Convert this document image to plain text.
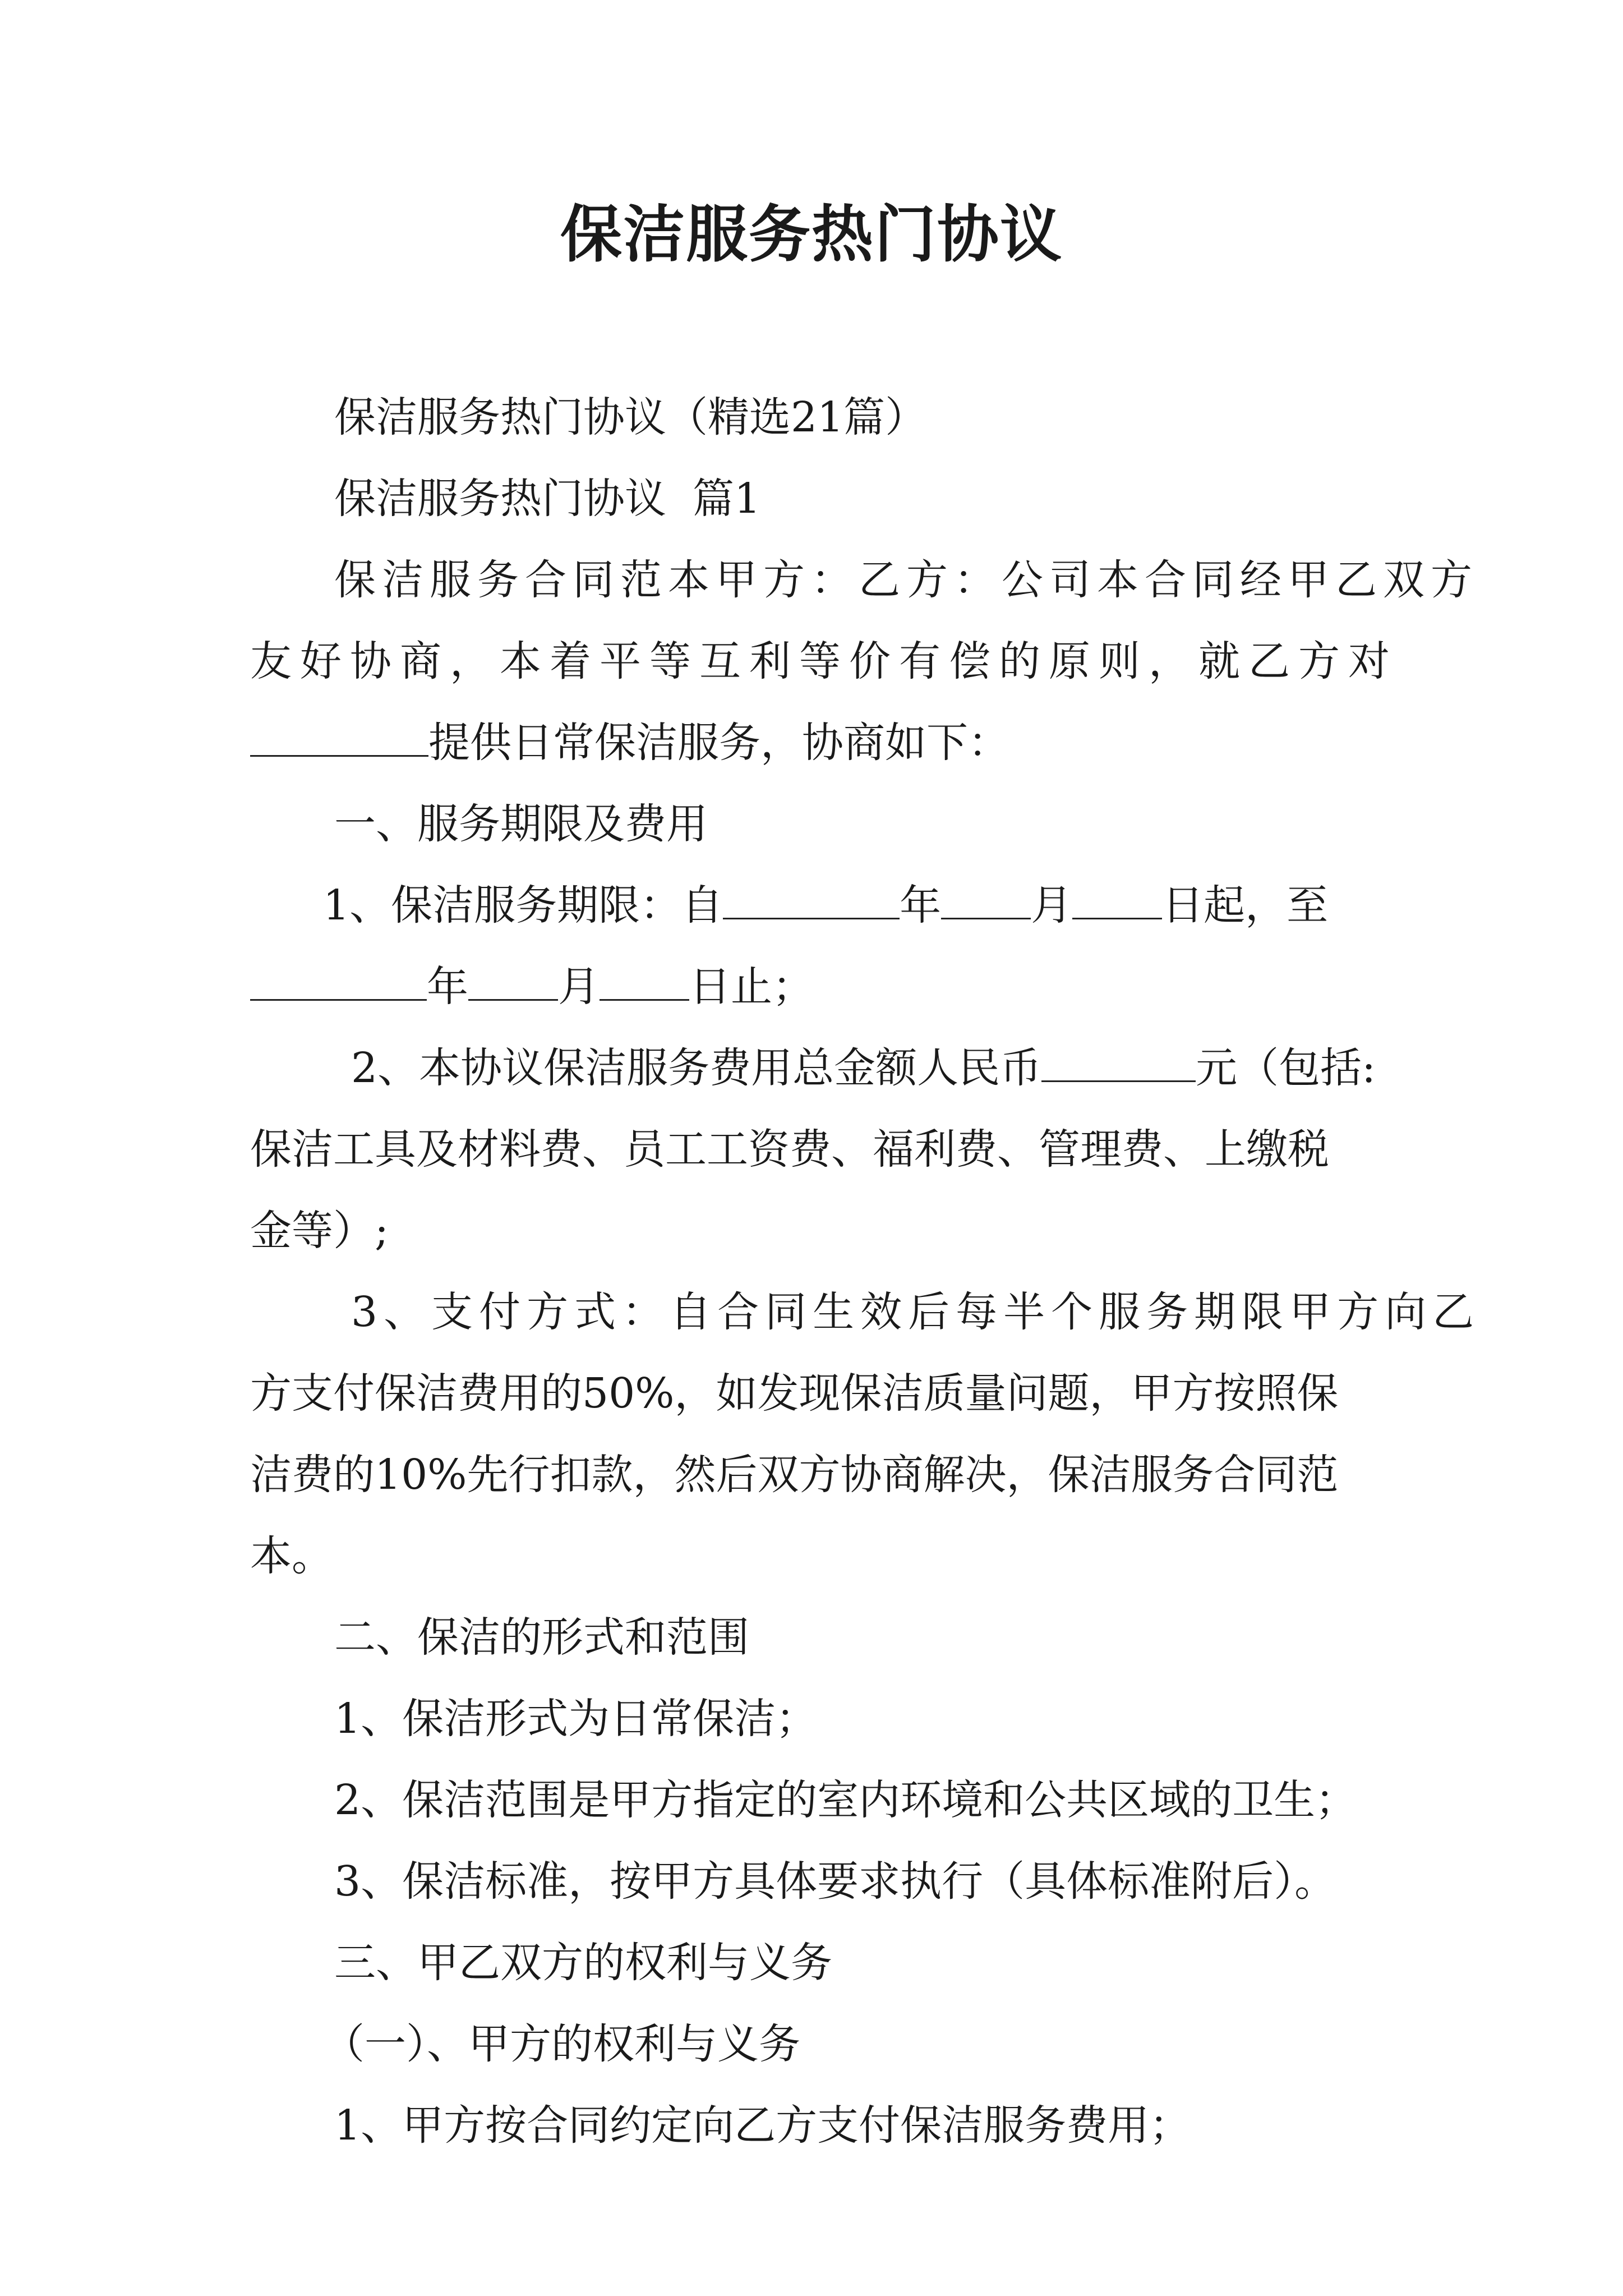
保洁服务热门协议

保洁服务热门协议（精选21篇）

保洁服务热门协议  篇1

保洁服务合同范本甲方：乙方：公司本合同经甲乙双方

友好协商，本着平等互利等价有偿的原则，就乙方对

提供日常保洁服务，协商如下：

一、服务期限及费用

1、保洁服务期限：自	年 月 日起，至

年 月 日止；

2、本协议保洁服务费用总金额人民币	元（包括:

保洁工具及材料费、员工工资费、福利费、管理费、上缴税

金等）;

3、支付方式：自合同生效后每半个服务期限甲方向乙

方支付保洁费用的50%，如发现保洁质量问题，甲方按照保

洁费的10%先行扣款，然后双方协商解决，保洁服务合同范

本。

二、保洁的形式和范围

1、保洁形式为日常保洁；

2、保洁范围是甲方指定的室内环境和公共区域的卫生；

3、保洁标准，按甲方具体要求执行（具体标准附后）。

三、甲乙双方的权利与义务

（一）、甲方的权利与义务

1、甲方按合同约定向乙方支付保洁服务费用；
